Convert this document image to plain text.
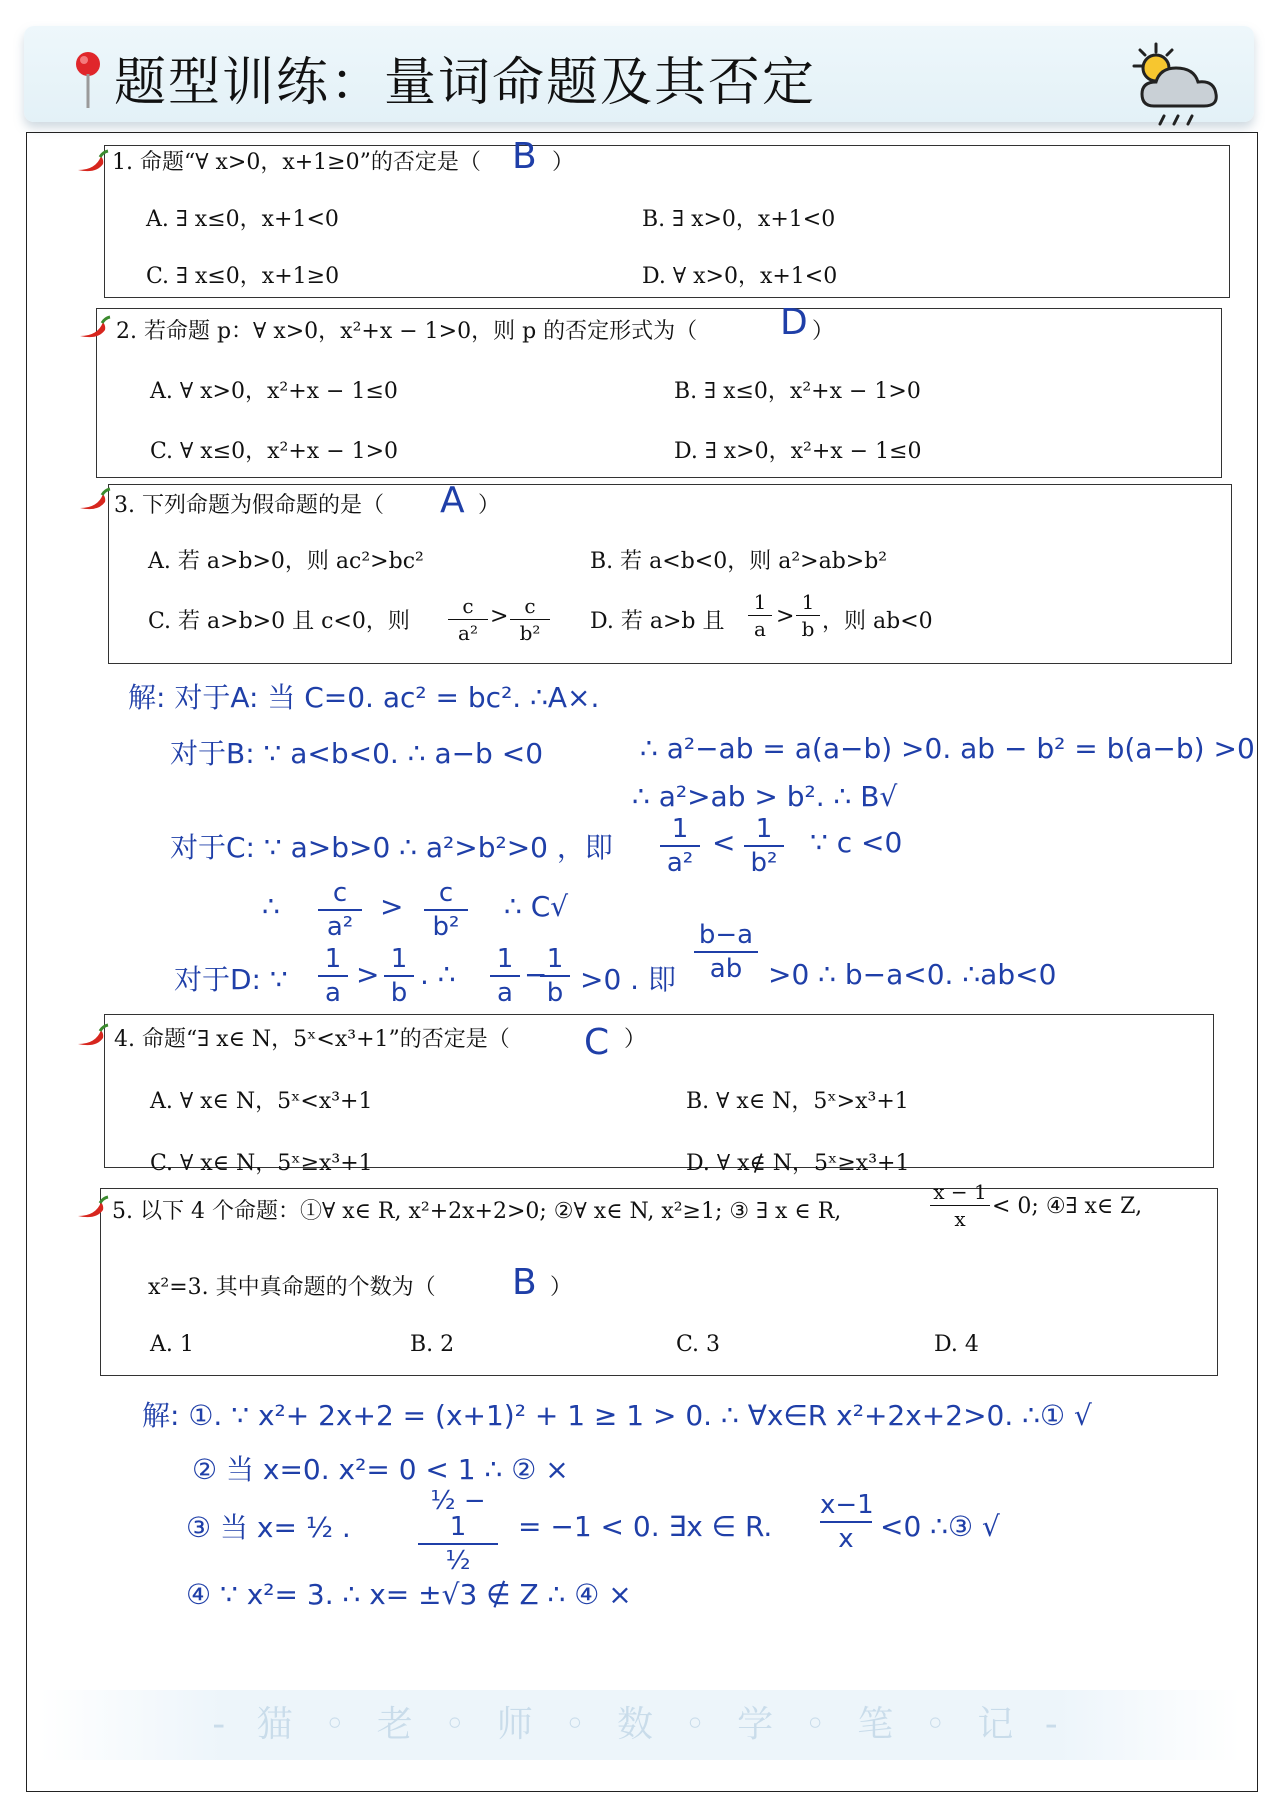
题型训练：量词命题及其否定
1. 命题“∀ x>0，x+1≥0”的否定是（ B ）
A. ∃ x≤0，x+1<0	B. ∃ x>0，x+1<0
C. ∃ x≤0，x+1≥0	D. ∀ x>0，x+1<0
2. 若命题 p：∀ x>0，x²+x − 1>0，则 p 的否定形式为（ D ）
A. ∀ x>0，x²+x − 1≤0	B. ∃ x≤0，x²+x − 1>0
C. ∀ x≤0，x²+x − 1>0	D. ∃ x>0，x²+x − 1≤0
3. 下列命题为假命题的是（ A ）
A. 若 a>b>0，则 ac²>bc²	B. 若 a<b<0，则 a²>ab>b²
C. 若 a>b>0 且 c<0，则
c
a²
> c
b²	D. 若 a>b 且
1
a >
1
b ，则 ab<0
解: 对于A: 当 C=0. ac² = bc². ∴A×.
对于B: ∵ a<b<0. ∴ a−b <0	∴ a²−ab = a(a−b) >0. ab − b² = b(a−b) >0
∴ a²>ab > b². ∴ B√
对于C: ∵ a>b>0 ∴ a²>b²>0 ，即
1
a²
< 1
b²
∵ c <0
∴	c
a²
>	c
b²
∴ C√
对于D: ∵
1
a
> 1
b
. ∴ 1
a
− 1
b >0 . 即
b−a
ab >0 ∴ b−a<0. ∴ab<0
4. 命题“∃ x∈ N，5ˣ<x³+1”的否定是（ C ）
A. ∀ x∈ N，5ˣ<x³+1	B. ∀ x∈ N，5ˣ>x³+1
C. ∀ x∈ N，5ˣ≥x³+1	D. ∀ x∉ N，5ˣ≥x³+1
5. 以下 4 个命题：①∀ x∈ R, x²+2x+2>0; ②∀ x∈ N, x²≥1; ③ ∃ x ∈ R,
x − 1
x	< 0; ④∃ x∈ Z,
x²=3. 其中真命题的个数为（ B ）
A. 1	B. 2	C. 3	D. 4
解: ①. ∵ x²+ 2x+2 = (x+1)² + 1 ≥ 1 > 0. ∴ ∀x∈R x²+2x+2>0. ∴① √
② 当 x=0. x²= 0 < 1 ∴ ② ×
③ 当 x= ½ .
½ − 1
½
= −1 < 0. ∃x ∈ R.
x−1
x <0 ∴③ √
④ ∵ x²= 3. ∴ x= ±√3 ∉ Z ∴ ④ ×
- 猫 ◦ 老 ◦ 师 ◦ 数 ◦ 学 ◦ 笔 ◦ 记 -
